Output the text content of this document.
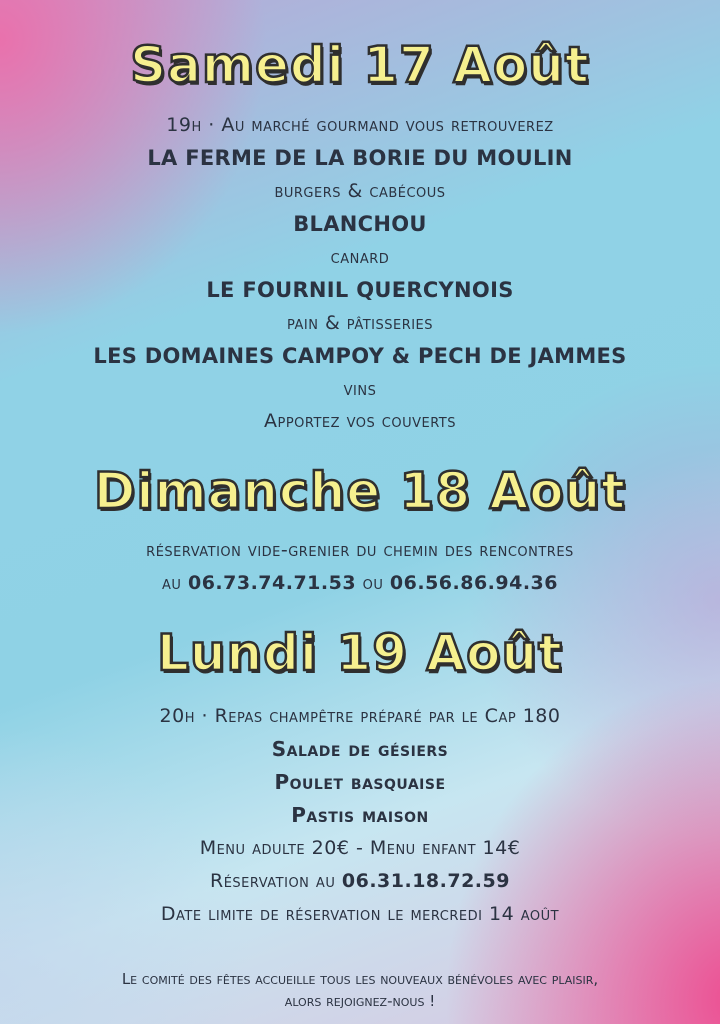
Samedi 17 Août

19h · Au marché gourmand vous retrouverez

LA FERME DE LA BORIE DU MOULIN

burgers & cabécous

BLANCHOU

canard

LE FOURNIL QUERCYNOIS

pain & pâtisseries

LES DOMAINES CAMPOY & PECH DE JAMMES

vins

Apportez vos couverts

Dimanche 18 Août

réservation vide-grenier du chemin des rencontres

au 06.73.74.71.53 ou 06.56.86.94.36

Lundi 19 Août

20h · Repas champêtre préparé par le Cap 180

Salade de gésiers

Poulet basquaise

Pastis maison

Menu adulte 20€ - Menu enfant 14€

Réservation au 06.31.18.72.59

Date limite de réservation le mercredi 14 août

Le comité des fêtes accueille tous les nouveaux bénévoles avec plaisir,
alors rejoignez-nous !
